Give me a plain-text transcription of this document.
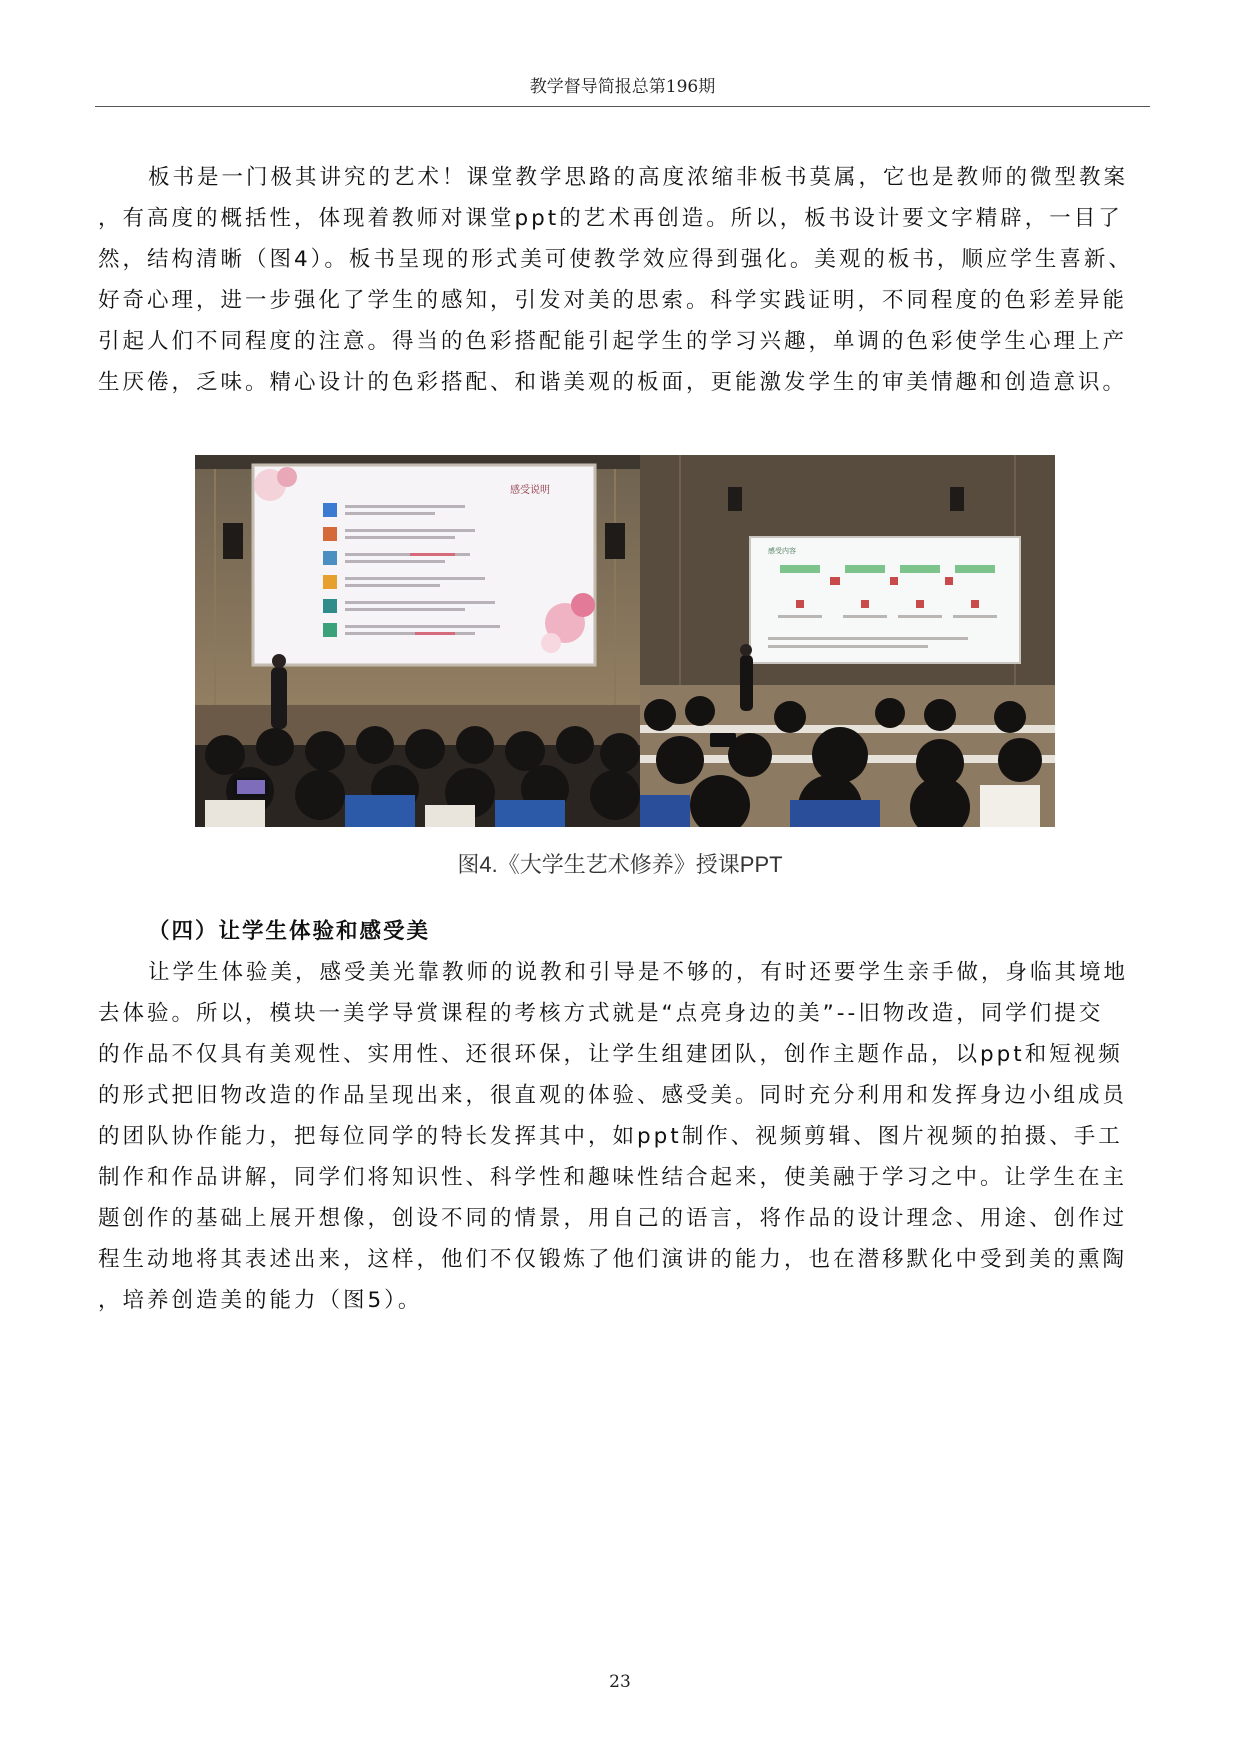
教学督导简报总第196期
板书是一门极其讲究的艺术！课堂教学思路的高度浓缩非板书莫属，它也是教师的微型教案
，有高度的概括性，体现着教师对课堂ppt的艺术再创造。所以，板书设计要文字精辟，一目了
然，结构清晰（图4）。板书呈现的形式美可使教学效应得到强化。美观的板书，顺应学生喜新、
好奇心理，进一步强化了学生的感知，引发对美的思索。科学实践证明，不同程度的色彩差异能
引起人们不同程度的注意。得当的色彩搭配能引起学生的学习兴趣，单调的色彩使学生心理上产
生厌倦，乏味。精心设计的色彩搭配、和谐美观的板面，更能激发学生的审美情趣和创造意识。
感受说明
感受内容
图4.《大学生艺术修养》授课PPT
（四）让学生体验和感受美
让学生体验美，感受美光靠教师的说教和引导是不够的，有时还要学生亲手做，身临其境地
去体验。所以，模块一美学导赏课程的考核方式就是“点亮身边的美”--旧物改造，同学们提交
的作品不仅具有美观性、实用性、还很环保，让学生组建团队，创作主题作品，以ppt和短视频
的形式把旧物改造的作品呈现出来，很直观的体验、感受美。同时充分利用和发挥身边小组成员
的团队协作能力，把每位同学的特长发挥其中，如ppt制作、视频剪辑、图片视频的拍摄、手工
制作和作品讲解，同学们将知识性、科学性和趣味性结合起来，使美融于学习之中。让学生在主
题创作的基础上展开想像，创设不同的情景，用自己的语言，将作品的设计理念、用途、创作过
程生动地将其表述出来，这样，他们不仅锻炼了他们演讲的能力，也在潜移默化中受到美的熏陶
，培养创造美的能力（图5）。
23
